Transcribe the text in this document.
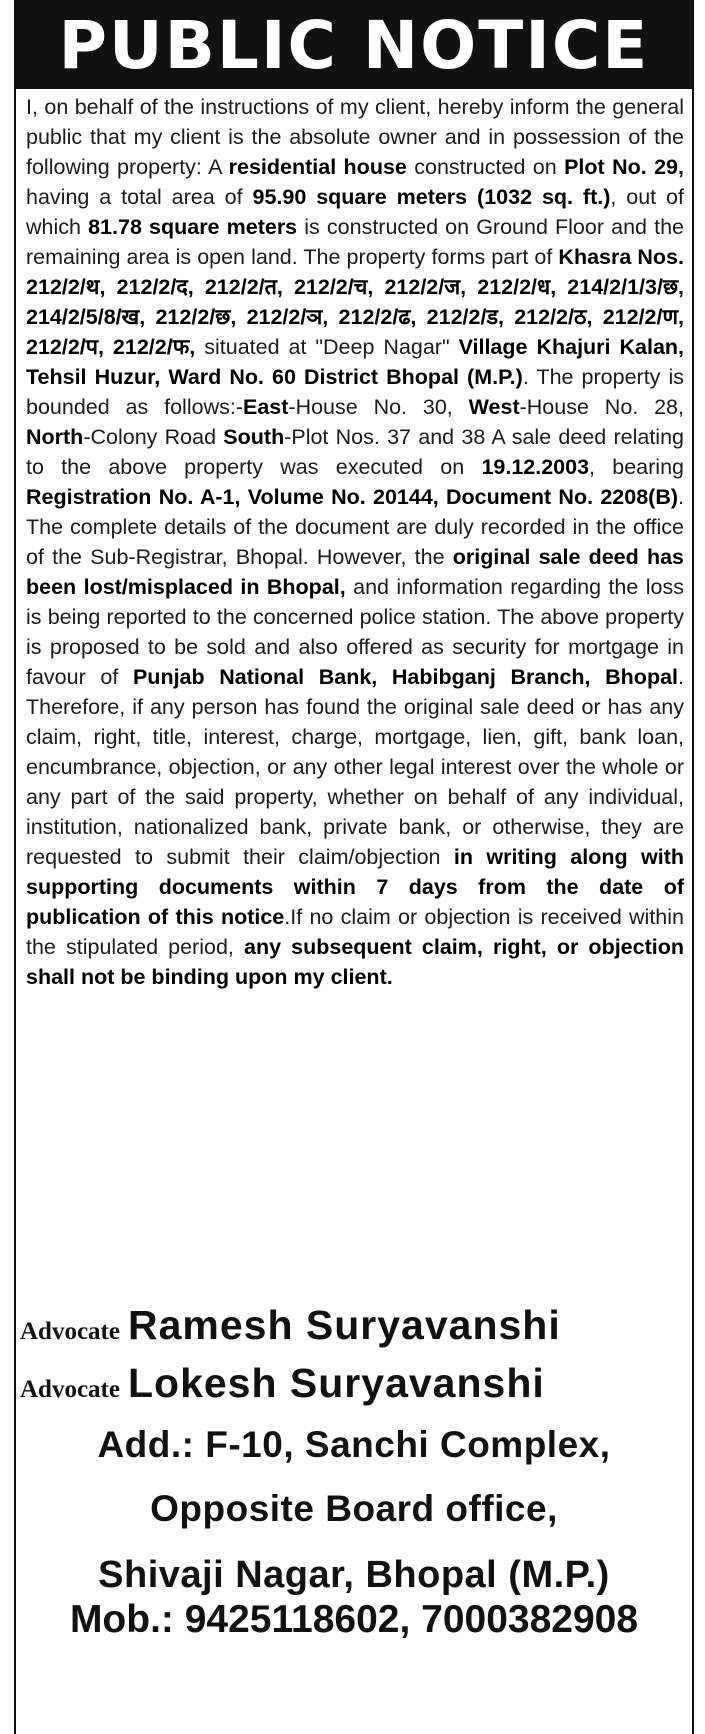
PUBLIC NOTICE
I, on behalf of the instructions of my client, hereby inform the general public that my client is the absolute owner and in possession of the following property: A residential house constructed on Plot No. 29, having a total area of 95.90 square meters (1032 sq. ft.), out of which 81.78 square meters is constructed on Ground Floor and the remaining area is open land. The property forms part of Khasra Nos. 212/2/थ, 212/2/द, 212/2/त, 212/2/च, 212/2/ज, 212/2/ध, 214/2/1/3/छ, 214/2/5/8/ख, 212/2/छ, 212/2/ञ, 212/2/ढ, 212/2/ड, 212/2/ठ, 212/2/ण, 212/2/प, 212/2/फ, situated at "Deep Nagar" Village Khajuri Kalan, Tehsil Huzur, Ward No. 60 District Bhopal (M.P.). The property is bounded as follows:-East-House No. 30, West-House No. 28, North-Colony Road South-Plot Nos. 37 and 38 A sale deed relating to the above property was executed on 19.12.2003, bearing Registration No. A-1, Volume No. 20144, Document No. 2208(B). The complete details of the document are duly recorded in the office of the Sub-Registrar, Bhopal. However, the original sale deed has been lost/misplaced in Bhopal, and information regarding the loss is being reported to the concerned police station. The above property is proposed to be sold and also offered as security for mortgage in favour of Punjab National Bank, Habibganj Branch, Bhopal. Therefore, if any person has found the original sale deed or has any claim, right, title, interest, charge, mortgage, lien, gift, bank loan, encumbrance, objection, or any other legal interest over the whole or any part of the said property, whether on behalf of any individual, institution, nationalized bank, private bank, or otherwise, they are requested to submit their claim/objection in writing along with supporting documents within 7 days from the date of publication of this notice.If no claim or objection is received within the stipulated period, any subsequent claim, right, or objection shall not be binding upon my client.
Advocate Ramesh Suryavanshi
Advocate Lokesh Suryavanshi
Add.: F-10, Sanchi Complex,
Opposite Board office,
Shivaji Nagar, Bhopal (M.P.)
Mob.: 9425118602, 7000382908
